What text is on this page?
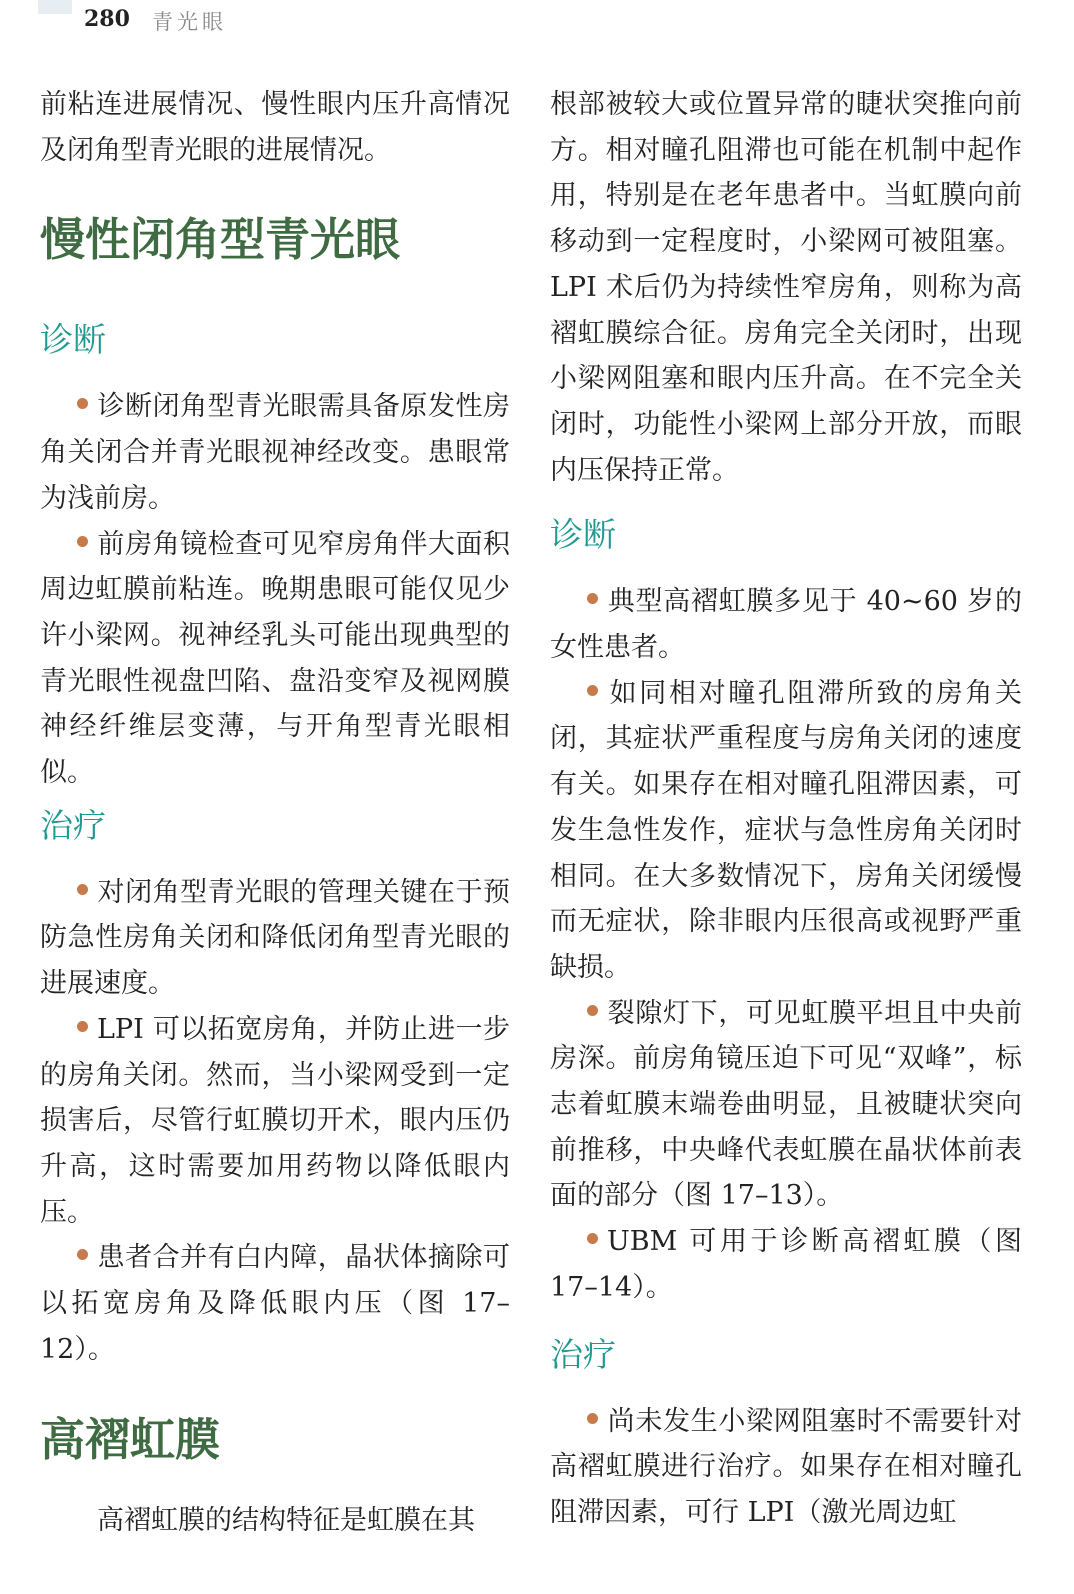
280 青光眼

前粘连进展情况、慢性眼内压升高情况及闭角型青光眼的进展情况。

慢性闭角型青光眼
诊断

诊断闭角型青光眼需具备原发性房角关闭合并青光眼视神经改变。患眼常为浅前房。

前房角镜检查可见窄房角伴大面积周边虹膜前粘连。晚期患眼可能仅见少许小梁网。视神经乳头可能出现典型的青光眼性视盘凹陷、盘沿变窄及视网膜神经纤维层变薄，与开角型青光眼相似。

治疗

对闭角型青光眼的管理关键在于预防急性房角关闭和降低闭角型青光眼的进展速度。

LPI 可以拓宽房角，并防止进一步的房角关闭。然而，当小梁网受到一定损害后，尽管行虹膜切开术，眼内压仍升高，这时需要加用药物以降低眼内压。

患者合并有白内障，晶状体摘除可以拓宽房角及降低眼内压（图 17–12）。

高褶虹膜

高褶虹膜的结构特征是虹膜在其

根部被较大或位置异常的睫状突推向前方。相对瞳孔阻滞也可能在机制中起作用，特别是在老年患者中。当虹膜向前移动到一定程度时，小梁网可被阻塞。LPI 术后仍为持续性窄房角，则称为高褶虹膜综合征。房角完全关闭时，出现小梁网阻塞和眼内压升高。在不完全关闭时，功能性小梁网上部分开放，而眼内压保持正常。

诊断

典型高褶虹膜多见于 40~60 岁的女性患者。

如同相对瞳孔阻滞所致的房角关闭，其症状严重程度与房角关闭的速度有关。如果存在相对瞳孔阻滞因素，可发生急性发作，症状与急性房角关闭时相同。在大多数情况下，房角关闭缓慢而无症状，除非眼内压很高或视野严重缺损。

裂隙灯下，可见虹膜平坦且中央前房深。前房角镜压迫下可见“双峰”，标志着虹膜末端卷曲明显，且被睫状突向前推移，中央峰代表虹膜在晶状体前表面的部分（图 17–13）。

UBM 可用于诊断高褶虹膜（图 17–14）。

治疗

尚未发生小梁网阻塞时不需要针对高褶虹膜进行治疗。如果存在相对瞳孔阻滞因素，可行 LPI（激光周边虹
